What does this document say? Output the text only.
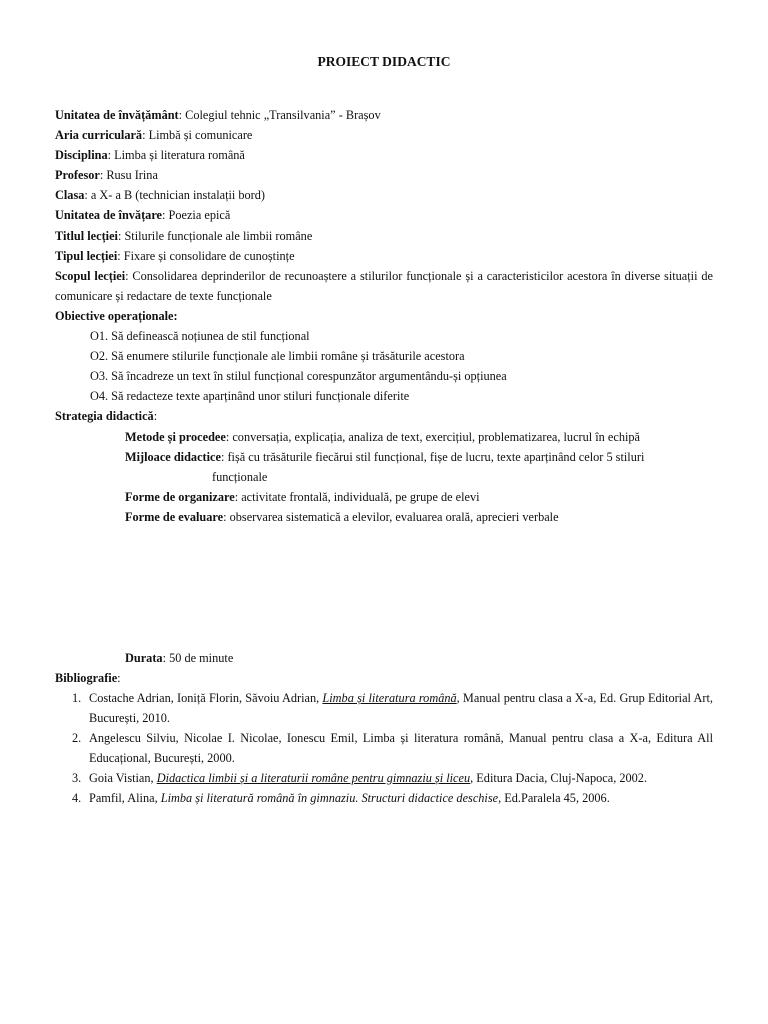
PROIECT DIDACTIC
Unitatea de învățământ: Colegiul tehnic „Transilvania” - Brașov
Aria curriculară: Limbă și comunicare
Disciplina: Limba și literatura română
Profesor: Rusu Irina
Clasa: a X- a B (technician instalații bord)
Unitatea de învățare: Poezia epică
Titlul lecției: Stilurile funcționale ale limbii române
Tipul lecției: Fixare și consolidare de cunoștințe
Scopul lecției: Consolidarea deprinderilor de recunoaștere a stilurilor funcționale și a caracteristicilor acestora în diverse situații de
comunicare și redactare de texte funcționale
Obiective operaționale:
O1. Să definească noțiunea de stil funcțional
O2. Să enumere stilurile funcționale ale limbii române și trăsăturile acestora
O3. Să încadreze un text în stilul funcțional corespunzător argumentându-și opțiunea
O4. Să redacteze texte aparținând unor stiluri funcționale diferite
Strategia didactică:
Metode și procedee: conversația, explicația, analiza de text, exercițiul, problematizarea, lucrul în echipă
Mijloace didactice: fișă cu trăsăturile fiecărui stil funcțional, fișe de lucru, texte aparținând celor 5 stiluri
funcționale
Forme de organizare: activitate frontală, individuală, pe grupe de elevi
Forme de evaluare: observarea sistematică a elevilor, evaluarea orală, aprecieri verbale
Durata: 50 de minute
Bibliografie:
1. Costache Adrian, Ioniță Florin, Săvoiu Adrian, Limba și literatura română, Manual pentru clasa a X-a, Ed. Grup Editorial Art, București, 2010.
2. Angelescu Silviu, Nicolae I. Nicolae, Ionescu Emil, Limba și literatura română, Manual pentru clasa a X-a, Editura All Educațional, București, 2000.
3. Goia Vistian, Didactica limbii și a literaturii române pentru gimnaziu și liceu, Editura Dacia, Cluj-Napoca, 2002.
4. Pamfil, Alina, Limba și literatură română în gimnaziu. Structuri didactice deschise, Ed.Paralela 45, 2006.
